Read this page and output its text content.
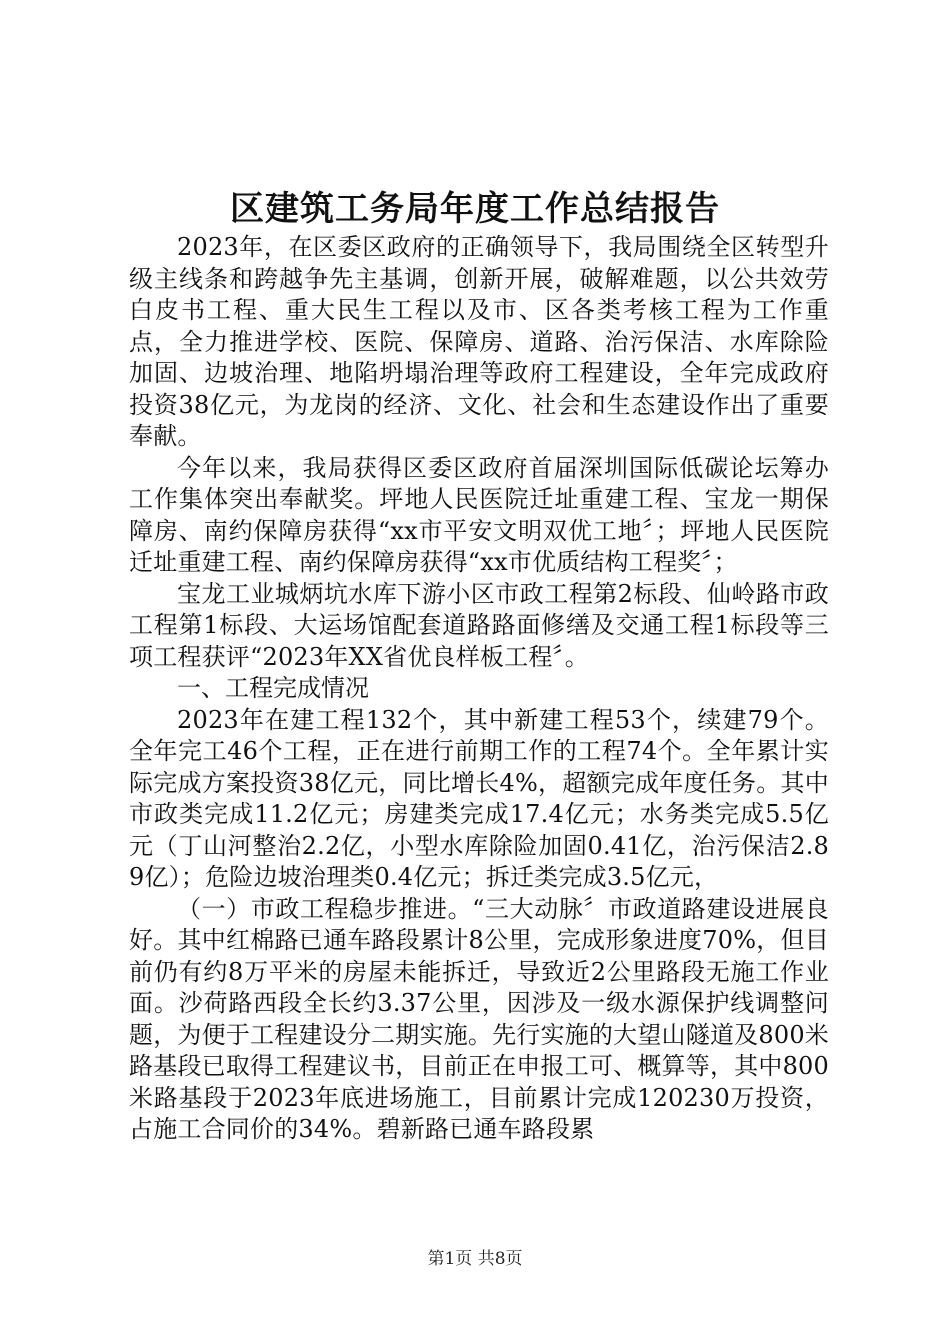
区建筑工务局年度工作总结报告

2023年，在区委区政府的正确领导下，我局围绕全区转型升级主线条和跨越争先主基调，创新开展，破解难题，以公共效劳白皮书工程、重大民生工程以及市、区各类考核工程为工作重点，全力推进学校、医院、保障房、道路、治污保洁、水库除险加固、边坡治理、地陷坍塌治理等政府工程建设，全年完成政府投资38亿元，为龙岗的经济、文化、社会和生态建设作出了重要奉献。

今年以来，我局获得区委区政府首届深圳国际低碳论坛筹办工作集体突出奉献奖。坪地人民医院迁址重建工程、宝龙一期保障房、南约保障房获得“xx市平安文明双优工地〞；坪地人民医院迁址重建工程、南约保障房获得“xx市优质结构工程奖〞；

宝龙工业城炳坑水库下游小区市政工程第2标段、仙岭路市政工程第1标段、大运场馆配套道路路面修缮及交通工程1标段等三项工程获评“2023年XX省优良样板工程〞。

一、工程完成情况

2023年在建工程132个，其中新建工程53个，续建79个。全年完工46个工程，正在进行前期工作的工程74个。全年累计实际完成方案投资38亿元，同比增长4%，超额完成年度任务。其中市政类完成11.2亿元；房建类完成17.4亿元；水务类完成5.5亿元（丁山河整治2.2亿，小型水库除险加固0.41亿，治污保洁2.89亿）；危险边坡治理类0.4亿元；拆迁类完成3.5亿元，

（一）市政工程稳步推进。“三大动脉〞市政道路建设进展良好。其中红棉路已通车路段累计8公里，完成形象进度70%，但目前仍有约8万平米的房屋未能拆迁，导致近2公里路段无施工作业面。沙荷路西段全长约3.37公里，因涉及一级水源保护线调整问题，为便于工程建设分二期实施。先行实施的大望山隧道及800米路基段已取得工程建议书，目前正在申报工可、概算等，其中800米路基段于2023年底进场施工，目前累计完成120230万投资，占施工合同价的34%。碧新路已通车路段累

第1页 共8页
